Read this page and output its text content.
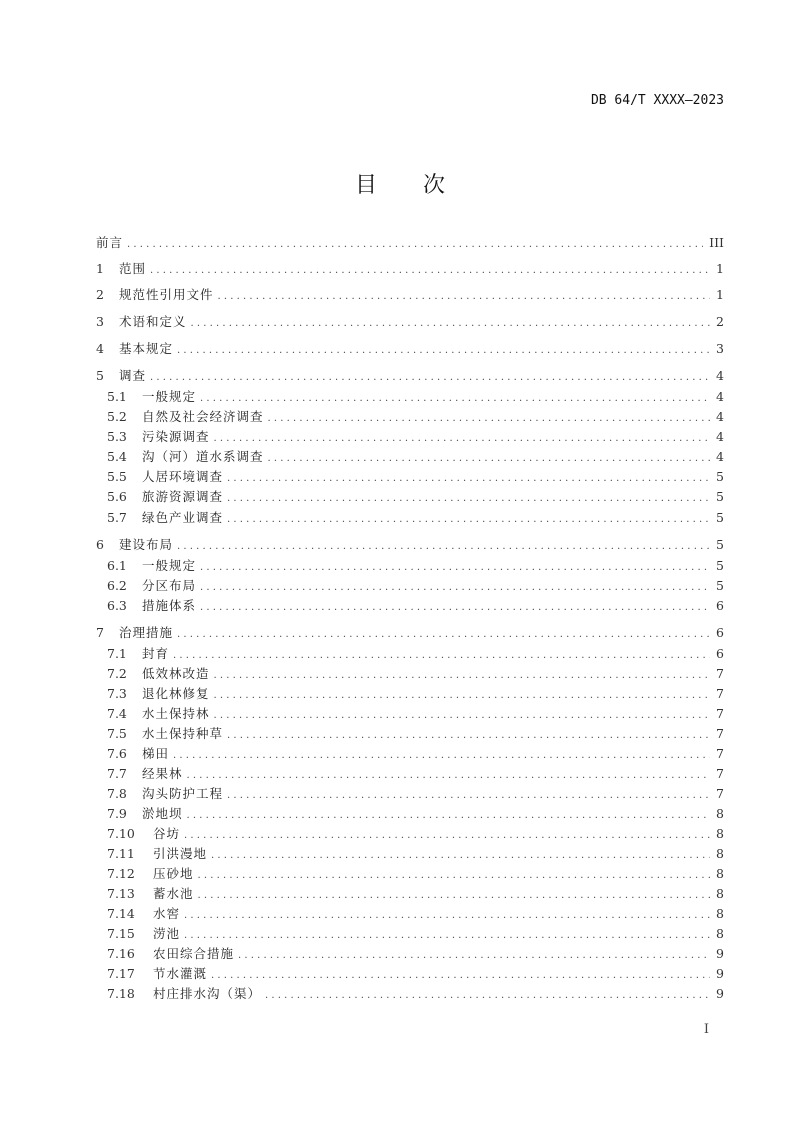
DB 64/T XXXX—2023
目 次
前言 .....	III
1	范围 .....	1
2	规范性引用文件 .....	1
3	术语和定义 .....	2
4	基本规定 .....	3
5	调查 .....	4
5.1	一般规定 .....	4
5.2	自然及社会经济调查 .....	4
5.3	污染源调查 .....	4
5.4	沟（河）道水系调查 .....	4
5.5	人居环境调查 .....	5
5.6	旅游资源调查 .....	5
5.7	绿色产业调查 .....	5
6	建设布局 .....	5
6.1	一般规定 .....	5
6.2	分区布局 .....	5
6.3	措施体系 .....	6
7	治理措施 .....	6
7.1	封育 .....	6
7.2	低效林改造 .....	7
7.3	退化林修复 .....	7
7.4	水土保持林 .....	7
7.5	水土保持种草 .....	7
7.6	梯田 .....	7
7.7	经果林 .....	7
7.8	沟头防护工程 .....	7
7.9	淤地坝 .....	8
7.10	谷坊 .....	8
7.11	引洪漫地 .....	8
7.12	压砂地 .....	8
7.13	蓄水池 .....	8
7.14	水窖 .....	8
7.15	涝池 .....	8
7.16	农田综合措施 .....	9
7.17	节水灌溉 .....	9
7.18	村庄排水沟（渠） .....	9
I
